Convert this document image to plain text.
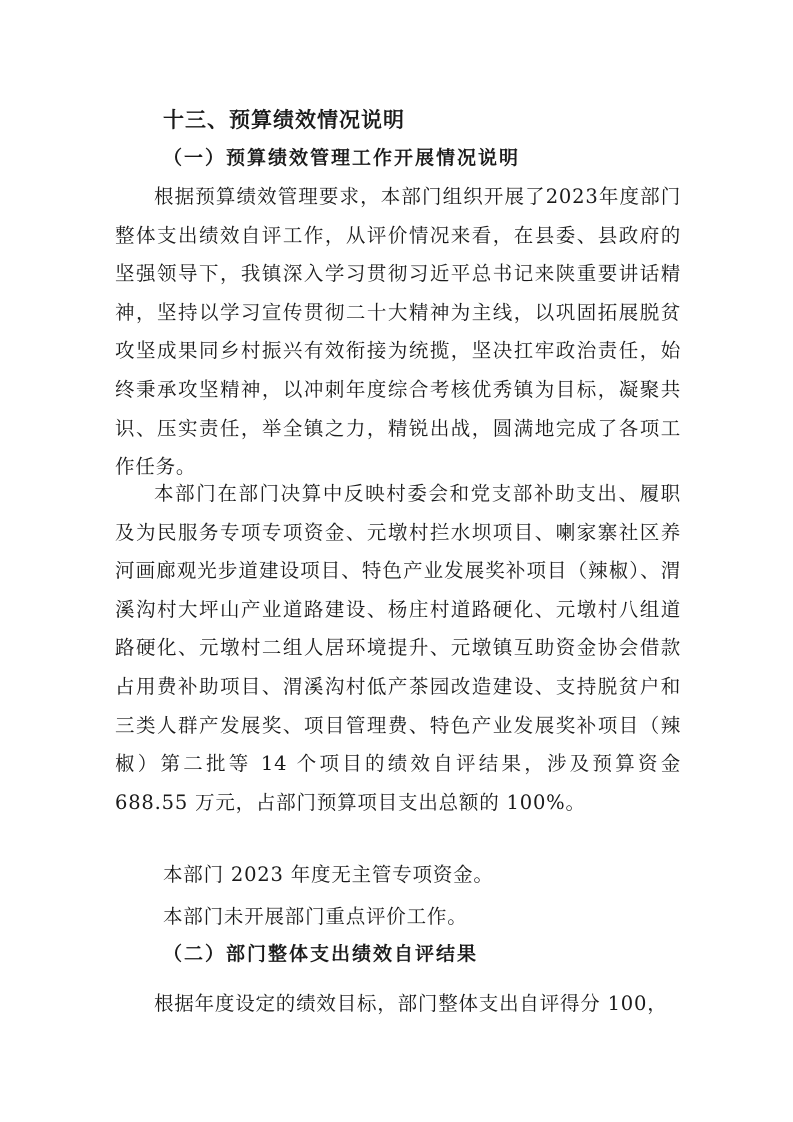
十三、预算绩效情况说明
（一）预算绩效管理工作开展情况说明

根据预算绩效管理要求，本部门组织开展了2023年度部门整体支出绩效自评工作，从评价情况来看，在县委、县政府的坚强领导下，我镇深入学习贯彻习近平总书记来陕重要讲话精神，坚持以学习宣传贯彻二十大精神为主线，以巩固拓展脱贫攻坚成果同乡村振兴有效衔接为统揽，坚决扛牢政治责任，始终秉承攻坚精神，以冲刺年度综合考核优秀镇为目标，凝聚共识、压实责任，举全镇之力，精锐出战，圆满地完成了各项工作任务。

本部门在部门决算中反映村委会和党支部补助支出、履职及为民服务专项专项资金、元墩村拦水坝项目、喇家寨社区养河画廊观光步道建设项目、特色产业发展奖补项目（辣椒）、渭溪沟村大坪山产业道路建设、杨庄村道路硬化、元墩村八组道路硬化、元墩村二组人居环境提升、元墩镇互助资金协会借款占用费补助项目、渭溪沟村低产茶园改造建设、支持脱贫户和三类人群产发展奖、项目管理费、特色产业发展奖补项目（辣椒）第二批等 14 个项目的绩效自评结果，涉及预算资金 688.55 万元，占部门预算项目支出总额的 100%。

本部门 2023 年度无主管专项资金。
本部门未开展部门重点评价工作。
（二）部门整体支出绩效自评结果

根据年度设定的绩效目标，部门整体支出自评得分 100，
